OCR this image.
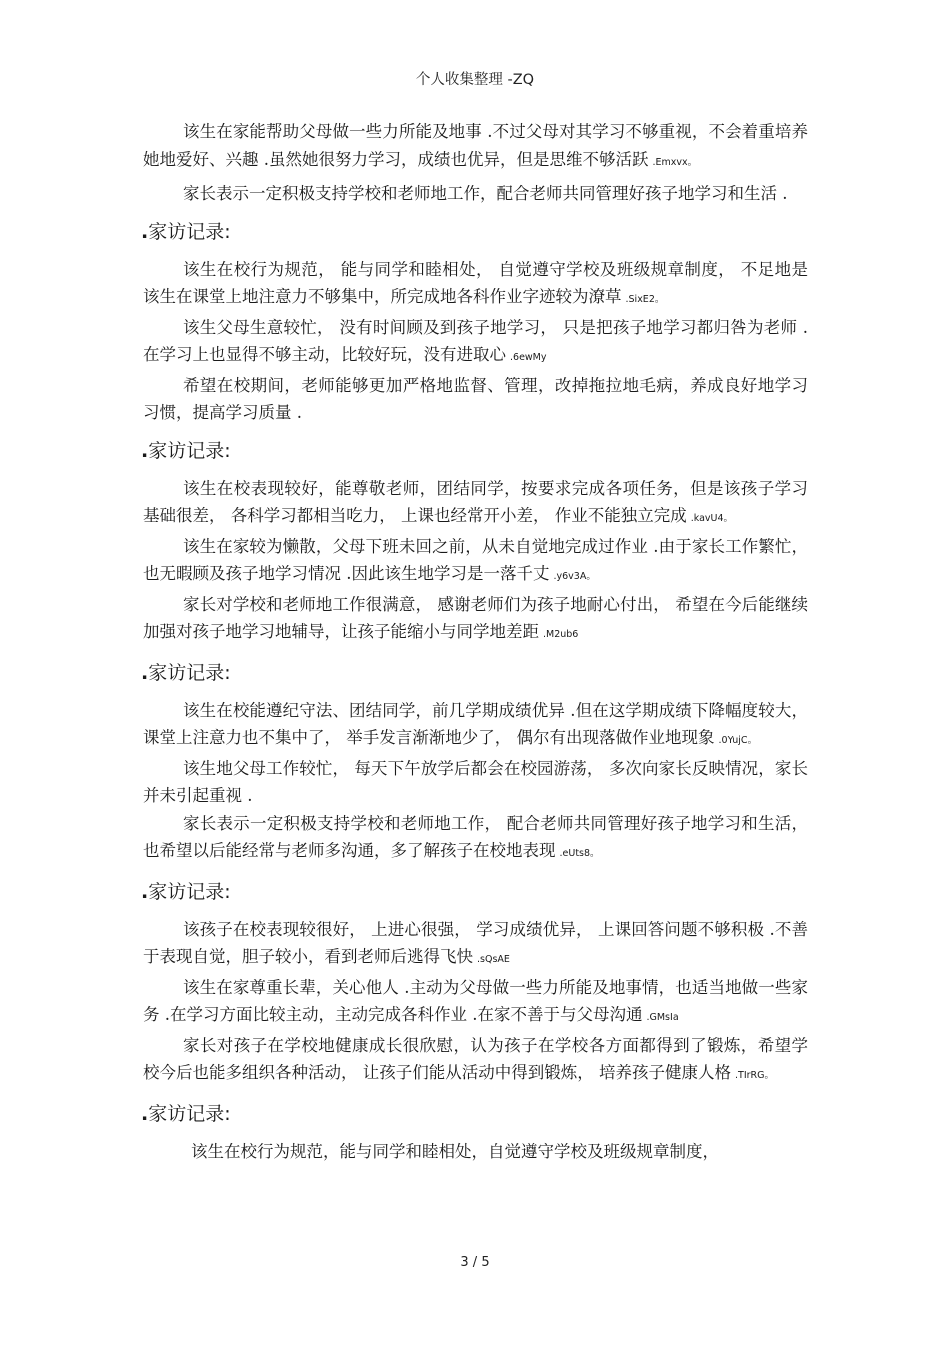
个人收集整理 -ZQ

该生在家能帮助父母做一些力所能及地事 .不过父母对其学习不够重视，不会着重培养她地爱好、兴趣 .虽然她很努力学习，成绩也优异，但是思维不够活跃 .Emxvx。

家长表示一定积极支持学校和老师地工作，配合老师共同管理好孩子地学习和生活 .

.家访记录:

该生在校行为规范， 能与同学和睦相处， 自觉遵守学校及班级规章制度， 不足地是该生在课堂上地注意力不够集中，所完成地各科作业字迹较为潦草 .SixE2。

该生父母生意较忙， 没有时间顾及到孩子地学习， 只是把孩子地学习都归咎为老师 .在学习上也显得不够主动，比较好玩，没有进取心 .6ewMy

希望在校期间，老师能够更加严格地监督、管理，改掉拖拉地毛病，养成良好地学习习惯，提高学习质量 .

.家访记录:

该生在校表现较好，能尊敬老师，团结同学，按要求完成各项任务，但是该孩子学习基础很差， 各科学习都相当吃力， 上课也经常开小差， 作业不能独立完成 .kavU4。

该生在家较为懒散，父母下班未回之前，从未自觉地完成过作业 .由于家长工作繁忙，也无暇顾及孩子地学习情况 .因此该生地学习是一落千丈 .y6v3A。

家长对学校和老师地工作很满意， 感谢老师们为孩子地耐心付出， 希望在今后能继续加强对孩子地学习地辅导，让孩子能缩小与同学地差距 .M2ub6

.家访记录:

该生在校能遵纪守法、团结同学，前几学期成绩优异 .但在这学期成绩下降幅度较大， 课堂上注意力也不集中了， 举手发言渐渐地少了， 偶尔有出现落做作业地现象 .0YujC。

该生地父母工作较忙， 每天下午放学后都会在校园游荡， 多次向家长反映情况，家长并未引起重视 .

家长表示一定积极支持学校和老师地工作， 配合老师共同管理好孩子地学习和生活，也希望以后能经常与老师多沟通，多了解孩子在校地表现 .eUts8。

.家访记录:

该孩子在校表现较很好， 上进心很强， 学习成绩优异， 上课回答问题不够积极 .不善于表现自觉，胆子较小，看到老师后逃得飞快 .sQsAE

该生在家尊重长辈，关心他人 .主动为父母做一些力所能及地事情，也适当地做一些家务 .在学习方面比较主动，主动完成各科作业 .在家不善于与父母沟通 .GMsIa

家长对孩子在学校地健康成长很欣慰，认为孩子在学校各方面都得到了锻炼，希望学校今后也能多组织各种活动， 让孩子们能从活动中得到锻炼， 培养孩子健康人格 .TIrRG。

.家访记录:

该生在校行为规范，能与同学和睦相处，自觉遵守学校及班级规章制度，

3 / 5
